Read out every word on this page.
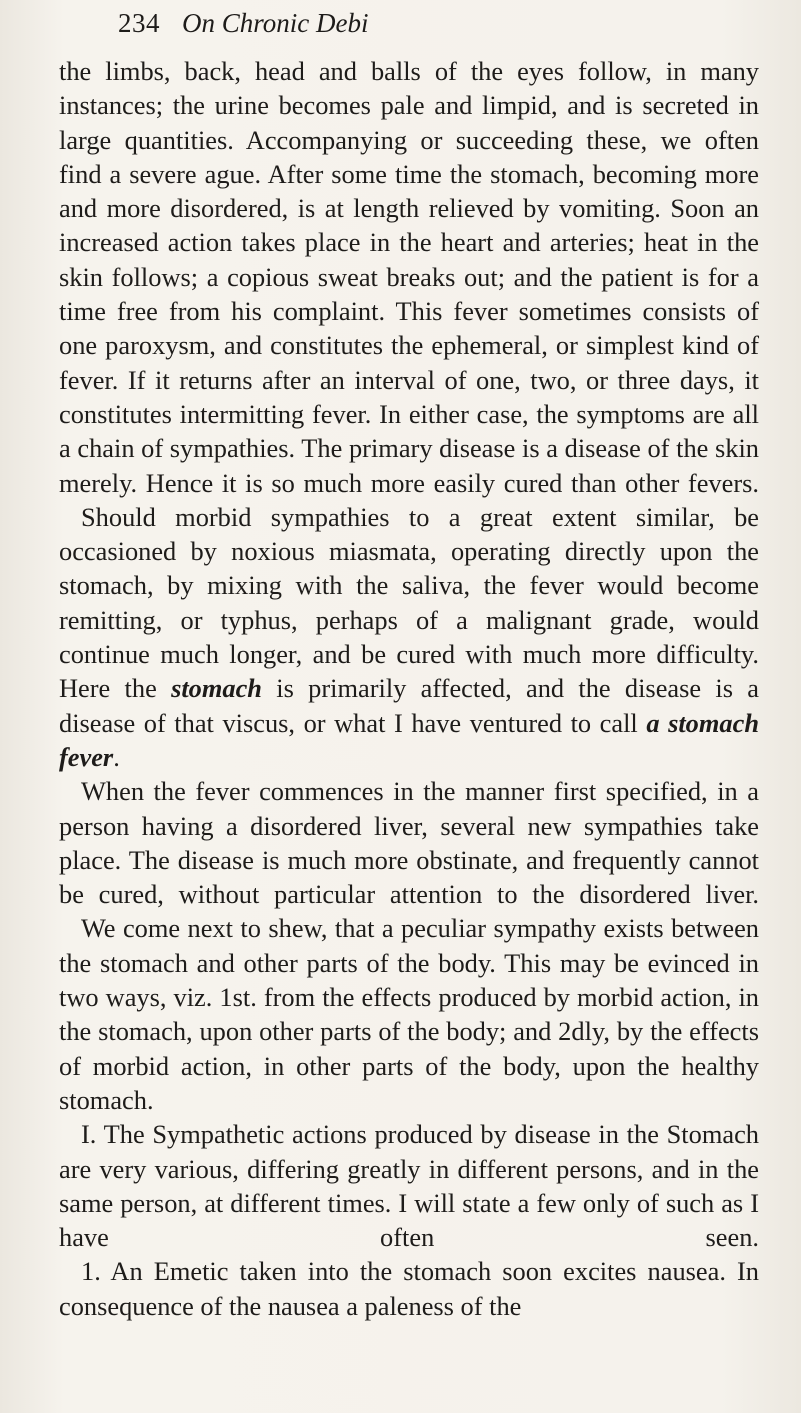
234 On Chronic Debi

the limbs, back, head and balls of the eyes follow, in many instances; the urine becomes pale and limpid, and is secreted in large quantities. Accompanying or succeeding these, we often find a severe ague. After some time the stomach, becoming more and more disordered, is at length relieved by vomiting. Soon an increased action takes place in the heart and arteries; heat in the skin follows; a copious sweat breaks out; and the patient is for a time free from his complaint. This fever sometimes consists of one paroxysm, and constitutes the ephemeral, or simplest kind of fever. If it returns after an interval of one, two, or three days, it constitutes intermitting fever. In either case, the symptoms are all a chain of sympathies. The primary disease is a disease of the skin merely. Hence it is so much more easily cured than other fevers.

Should morbid sympathies to a great extent similar, be occasioned by noxious miasmata, operating directly upon the stomach, by mixing with the saliva, the fever would become remitting, or typhus, perhaps of a malignant grade, would continue much longer, and be cured with much more difficulty. Here the stomach is primarily affected, and the disease is a disease of that viscus, or what I have ventured to call a stomach fever.

When the fever commences in the manner first specified, in a person having a disordered liver, several new sympathies take place. The disease is much more obstinate, and frequently cannot be cured, without particular attention to the disordered liver.

We come next to shew, that a peculiar sympathy exists between the stomach and other parts of the body. This may be evinced in two ways, viz. 1st. from the effects produced by morbid action, in the stomach, upon other parts of the body; and 2dly, by the effects of morbid action, in other parts of the body, upon the healthy stomach.

I. The Sympathetic actions produced by disease in the Stomach are very various, differing greatly in different persons, and in the same person, at different times. I will state a few only of such as I have often seen.

1. An Emetic taken into the stomach soon excites nausea. In consequence of the nausea a paleness of the
